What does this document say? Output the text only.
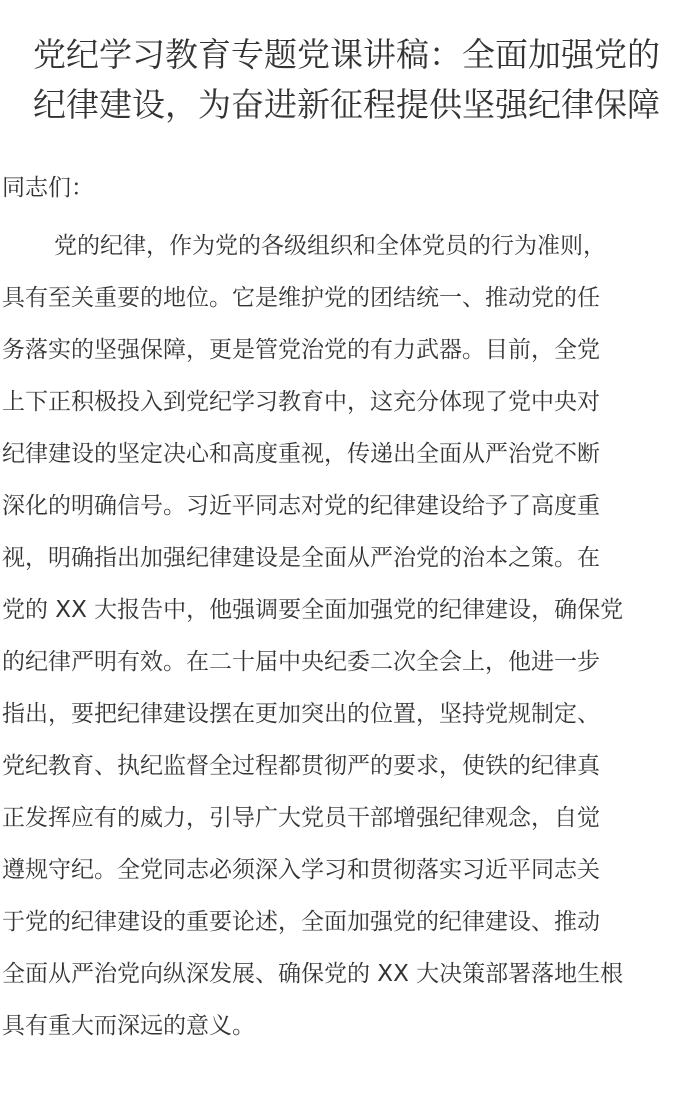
党纪学习教育专题党课讲稿：全面加强党的
纪律建设，为奋进新征程提供坚强纪律保障

同志们：

党的纪律，作为党的各级组织和全体党员的行为准则，
具有至关重要的地位。它是维护党的团结统一、推动党的任
务落实的坚强保障，更是管党治党的有力武器。目前，全党
上下正积极投入到党纪学习教育中，这充分体现了党中央对
纪律建设的坚定决心和高度重视，传递出全面从严治党不断
深化的明确信号。习近平同志对党的纪律建设给予了高度重
视，明确指出加强纪律建设是全面从严治党的治本之策。在
党的 XX 大报告中，他强调要全面加强党的纪律建设，确保党
的纪律严明有效。在二十届中央纪委二次全会上，他进一步
指出，要把纪律建设摆在更加突出的位置，坚持党规制定、
党纪教育、执纪监督全过程都贯彻严的要求，使铁的纪律真
正发挥应有的威力，引导广大党员干部增强纪律观念，自觉
遵规守纪。全党同志必须深入学习和贯彻落实习近平同志关
于党的纪律建设的重要论述，全面加强党的纪律建设、推动
全面从严治党向纵深发展、确保党的 XX 大决策部署落地生根
具有重大而深远的意义。
